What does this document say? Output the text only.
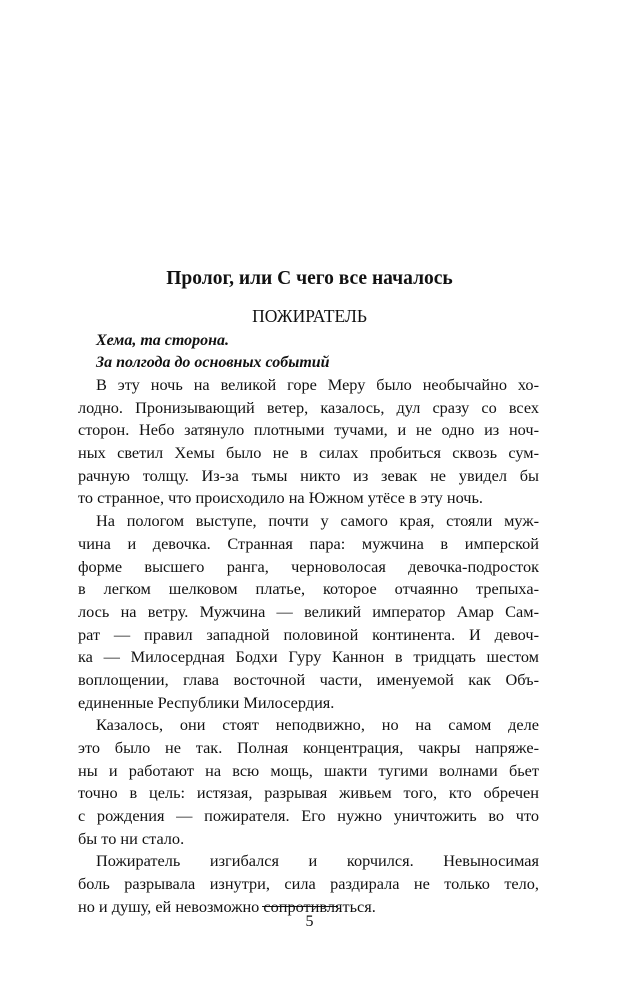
Пролог, или С чего все началось
ПОЖИРАТЕЛЬ
Хема, та сторона.
За полгода до основных событий
В эту ночь на великой горе Меру было необычайно хо-
лодно. Пронизывающий ветер, казалось, дул сразу со всех
сторон. Небо затянуло плотными тучами, и не одно из ноч-
ных светил Хемы было не в силах пробиться сквозь сум-
рачную толщу. Из-за тьмы никто из зевак не увидел бы
то странное, что происходило на Южном утёсе в эту ночь.
На пологом выступе, почти у самого края, стояли муж-
чина и девочка. Странная пара: мужчина в имперской
форме высшего ранга, черноволосая девочка-подросток
в легком шелковом платье, которое отчаянно трепыха-
лось на ветру. Мужчина — великий император Амар Сам-
рат — правил западной половиной континента. И девоч-
ка — Милосердная Бодхи Гуру Каннон в тридцать шестом
воплощении, глава восточной части, именуемой как Объ-
единенные Республики Милосердия.
Казалось, они стоят неподвижно, но на самом деле
это было не так. Полная концентрация, чакры напряже-
ны и работают на всю мощь, шакти тугими волнами бьет
точно в цель: истязая, разрывая живьем того, кто обречен
с рождения — пожирателя. Его нужно уничтожить во что
бы то ни стало.
Пожиратель изгибался и корчился. Невыносимая
боль разрывала изнутри, сила раздирала не только тело,
но и душу, ей невозможно сопротивляться.
5
